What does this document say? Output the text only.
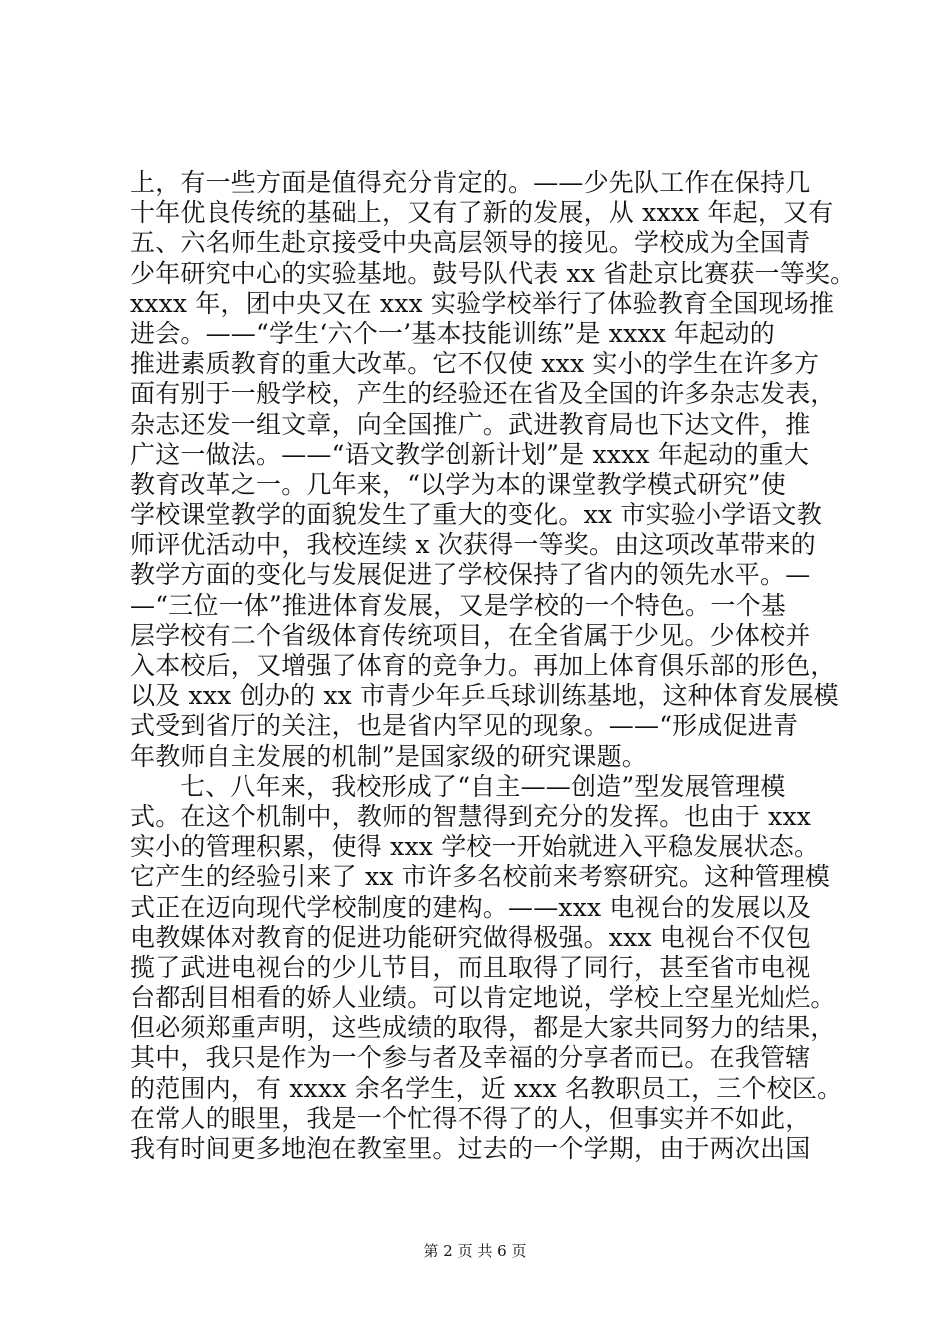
上，有一些方面是值得充分肯定的。——少先队工作在保持几
十年优良传统的基础上，又有了新的发展，从 xxxx 年起，又有
五、六名师生赴京接受中央高层领导的接见。学校成为全国青
少年研究中心的实验基地。鼓号队代表 xx 省赴京比赛获一等奖。
xxxx 年，团中央又在 xxx 实验学校举行了体验教育全国现场推
进会。——“学生‘六个一’基本技能训练”是 xxxx 年起动的
推进素质教育的重大改革。它不仅使 xxx 实小的学生在许多方
面有别于一般学校，产生的经验还在省及全国的许多杂志发表，
杂志还发一组文章，向全国推广。武进教育局也下达文件，推
广这一做法。——“语文教学创新计划”是 xxxx 年起动的重大
教育改革之一。几年来，“以学为本的课堂教学模式研究”使
学校课堂教学的面貌发生了重大的变化。xx 市实验小学语文教
师评优活动中，我校连续 x 次获得一等奖。由这项改革带来的
教学方面的变化与发展促进了学校保持了省内的领先水平。—
—“三位一体”推进体育发展，又是学校的一个特色。一个基
层学校有二个省级体育传统项目，在全省属于少见。少体校并
入本校后，又增强了体育的竞争力。再加上体育俱乐部的形色，
以及 xxx 创办的 xx 市青少年乒乓球训练基地，这种体育发展模
式受到省厅的关注，也是省内罕见的现象。——“形成促进青
年教师自主发展的机制”是国家级的研究课题。
七、八年来，我校形成了“自主——创造”型发展管理模
式。在这个机制中，教师的智慧得到充分的发挥。也由于 xxx
实小的管理积累，使得 xxx 学校一开始就进入平稳发展状态。
它产生的经验引来了 xx 市许多名校前来考察研究。这种管理模
式正在迈向现代学校制度的建构。——xxx 电视台的发展以及
电教媒体对教育的促进功能研究做得极强。xxx 电视台不仅包
揽了武进电视台的少儿节目，而且取得了同行，甚至省市电视
台都刮目相看的娇人业绩。可以肯定地说，学校上空星光灿烂。
但必须郑重声明，这些成绩的取得，都是大家共同努力的结果，
其中，我只是作为一个参与者及幸福的分享者而已。在我管辖
的范围内，有 xxxx 余名学生，近 xxx 名教职员工，三个校区。
在常人的眼里，我是一个忙得不得了的人，但事实并不如此，
我有时间更多地泡在教室里。过去的一个学期，由于两次出国
第 2 页 共 6 页
